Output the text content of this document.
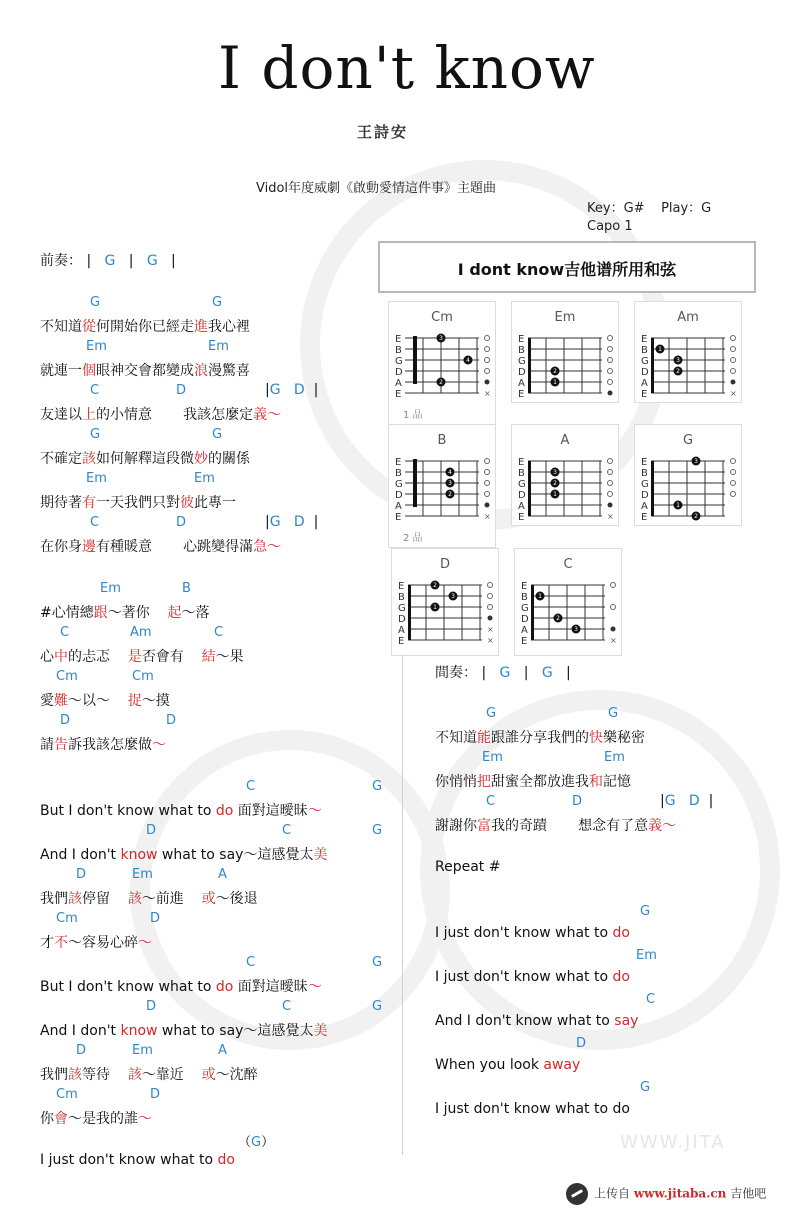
I don't know
王詩安
Vidol年度威劇《啟動愛情這件事》主題曲
Key：G#    Play：G
Capo 1
I dont know吉他谱所用和弦
Cm
E
B
G
D
A
E
3
4
2
×
1 品
Em
E
B
G
D
A
E
2
1
Am
E
B
G
D
A
E
1
3
2
×
B
E
B
G
D
A
E
4
3
2
×
2 品
A
E
B
G
D
A
E
3
2
1
×
G
E
B
G
D
A
E
3
1
2
D
E
B
G
D
A
E
2
3
1
×
×
C
E
B
G
D
A
E
1
2
3
×
前奏： |   G   |   G   |
G	G
不知道從何開始你已經走進我心裡
Em	Em
就連一個眼神交會都變成浪漫驚喜
C	D	|G   D  |
友達以上的小情意       我該怎麼定義～
G	G
不確定該如何解釋這段微妙的關係
Em	Em
期待著有一天我們只對彼此專一
C	D	|G   D  |
在你身邊有種暖意       心跳變得滿急～
Em	B
#心情總跟～著你    起～落
C	Am	C
心中的忐忑    是否會有    結～果
Cm	Cm
愛難～以～    捉～摸
D	D
請告訴我該怎麼做～
C	G
But I don't know what to do 面對這曖昧～
D	C	G
And I don't know what to say～這感覺太美
D	Em	A
我們該停留    該～前進    或～後退
Cm	D
才不～容易心碎～
C	G
But I don't know what to do 面對這曖昧～
D	C	G
And I don't know what to say～這感覺太美
D	Em	A
我們該等待    該～靠近    或～沈醉
Cm	D
你會～是我的誰～
（G）
I just don't know what to do
間奏： |   G   |   G   |
G	G
不知道能跟誰分享我們的快樂秘密
Em	Em
你悄悄把甜蜜全都放進我和記憶
C	D	|G   D  |
謝謝你富我的奇蹟       想念有了意義～
Repeat #
G
I just don't know what to do
Em
I just don't know what to do
C
And I don't know what to say
D
When you look away
G
I just don't know what to do
WWW.JITA
上传自 www.jitaba.cn 吉他吧
